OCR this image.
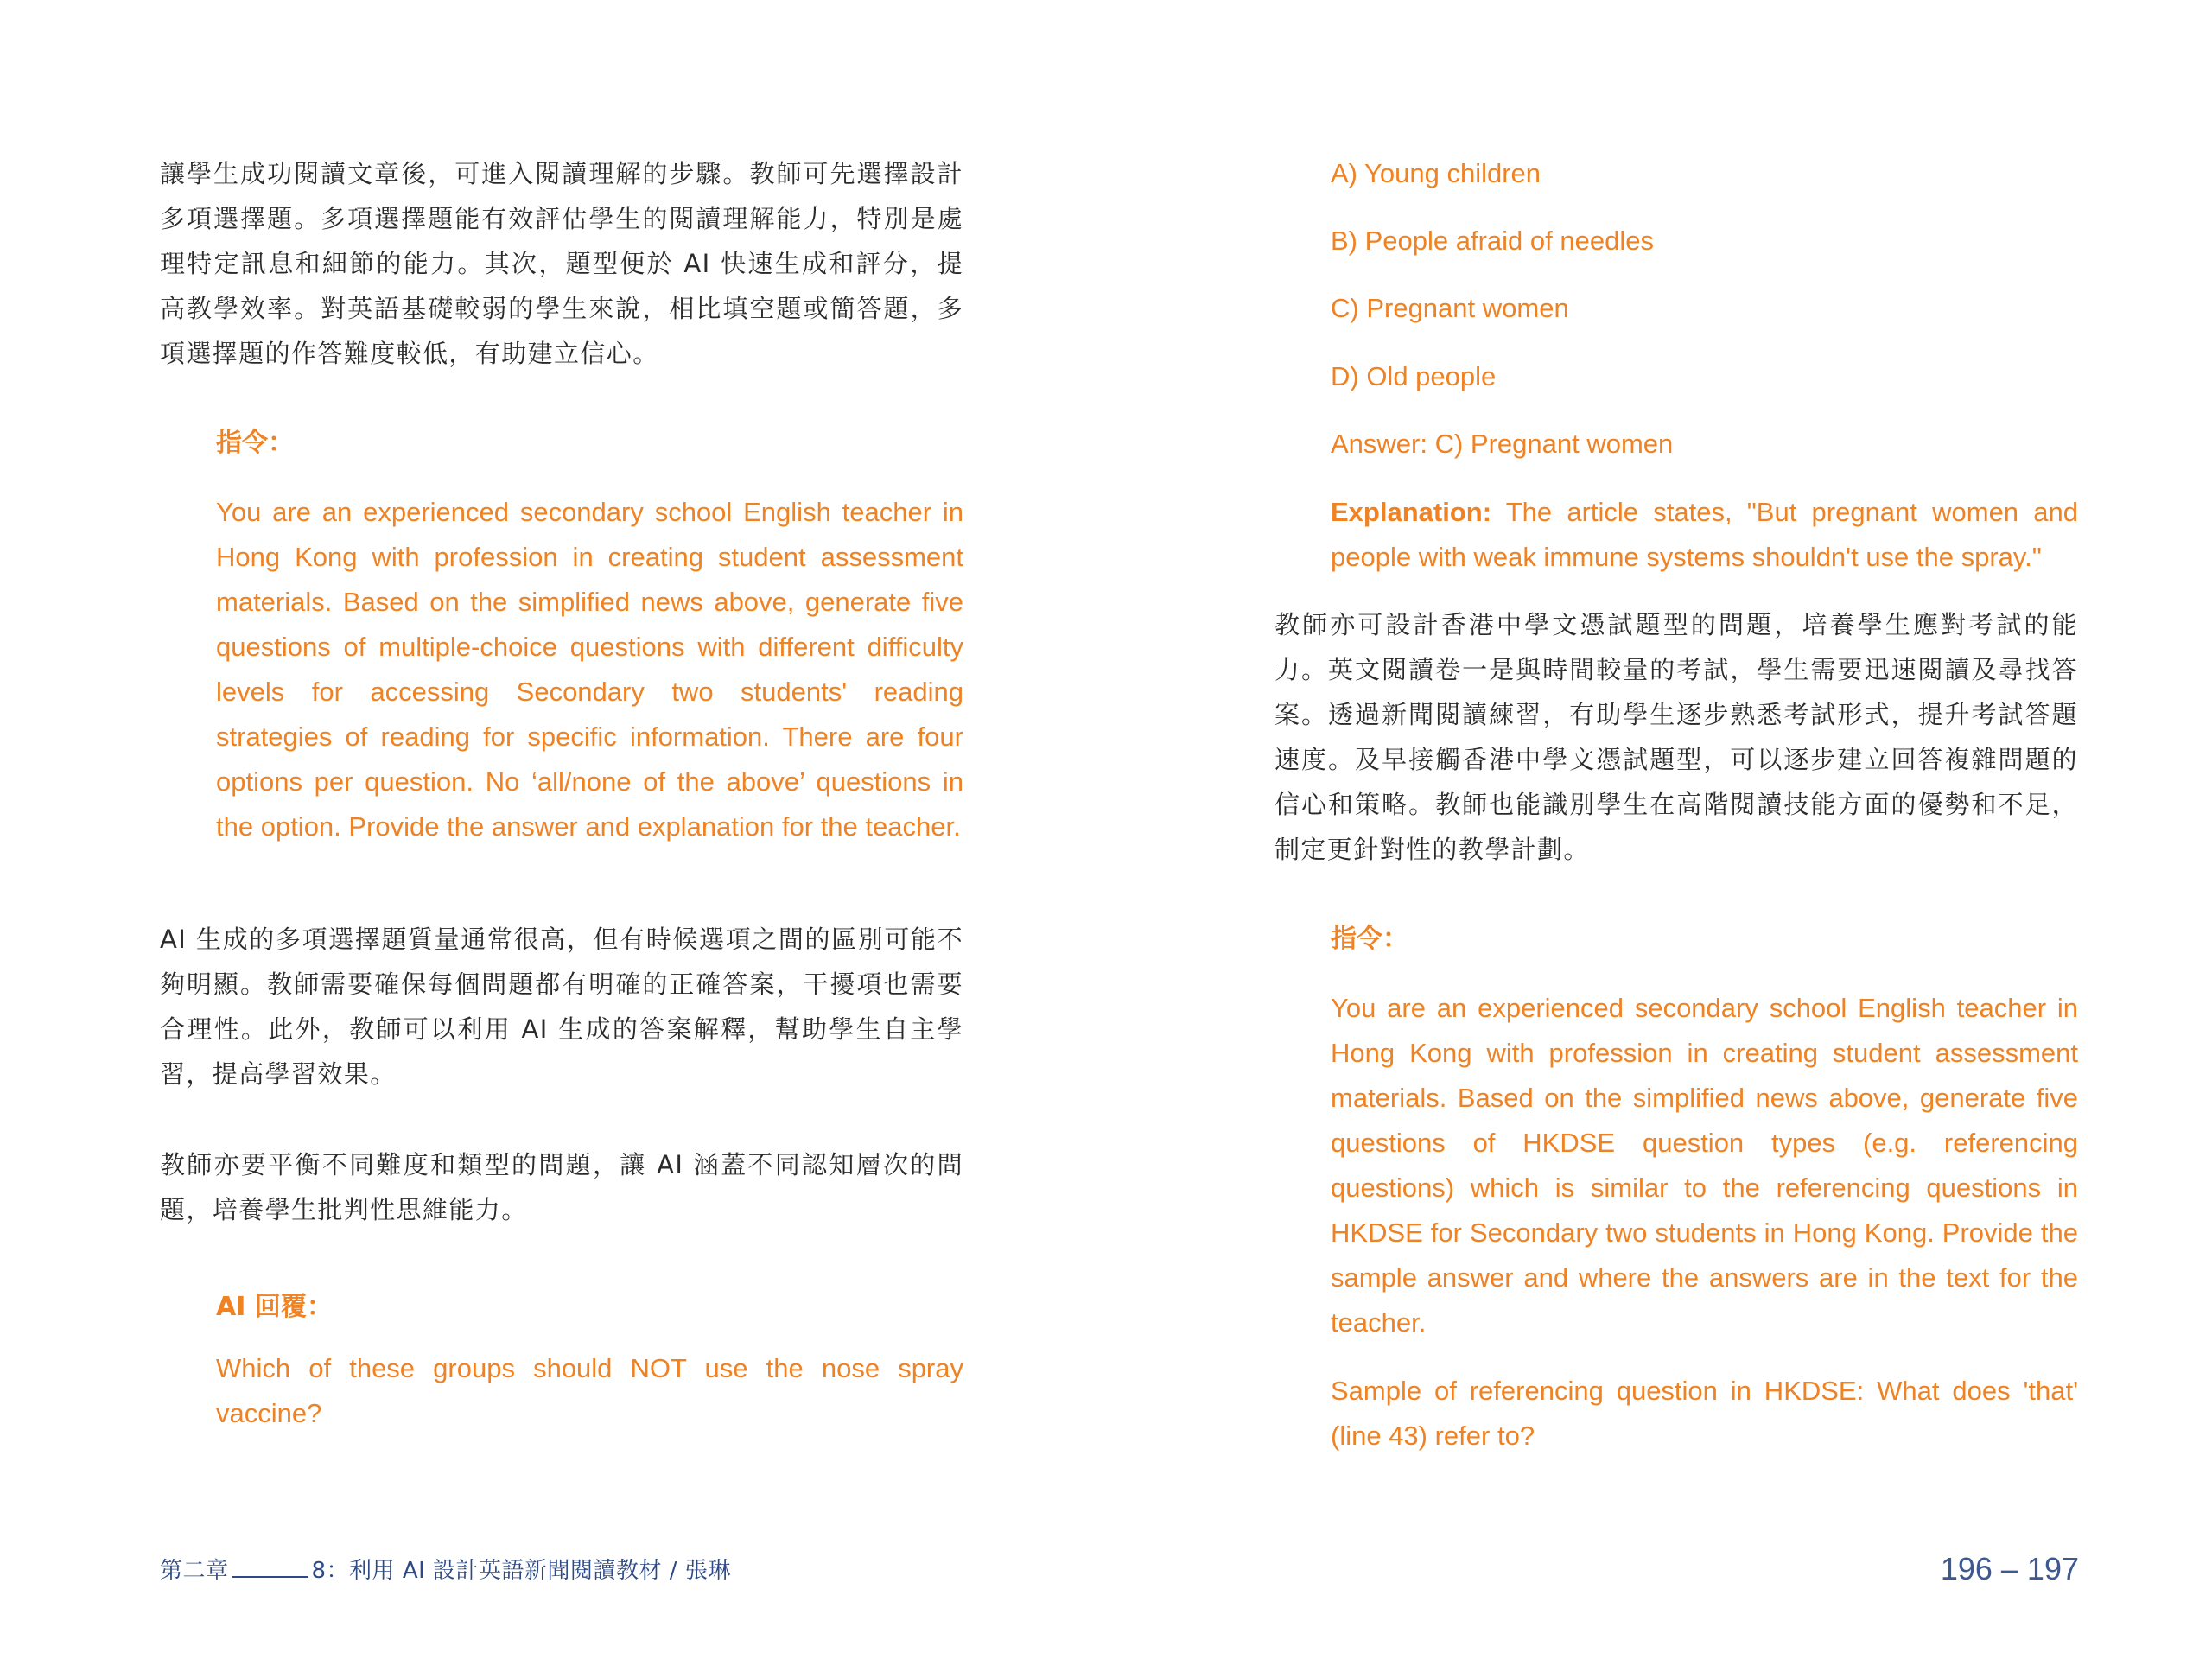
讓學生成功閱讀文章後，可進入閱讀理解的步驟。教師可先選擇設計多項選擇題。多項選擇題能有效評估學生的閱讀理解能力，特別是處理特定訊息和細節的能力。其次，題型便於 AI 快速生成和評分，提高教學效率。對英語基礎較弱的學生來說，相比填空題或簡答題，多項選擇題的作答難度較低，有助建立信心。

指令：

You are an experienced secondary school English teacher in Hong Kong with profession in creating student assessment materials. Based on the simplified news above, generate five questions of multiple-choice questions with different difficulty levels for accessing Secondary two students' reading strategies of reading for specific information. There are four options per question. No ‘all/none of the above’ questions in the option. Provide the answer and explanation for the teacher.

AI 生成的多項選擇題質量通常很高，但有時候選項之間的區別可能不夠明顯。教師需要確保每個問題都有明確的正確答案，干擾項也需要合理性。此外，教師可以利用 AI 生成的答案解釋，幫助學生自主學習，提高學習效果。

教師亦要平衡不同難度和類型的問題，讓 AI 涵蓋不同認知層次的問題，培養學生批判性思維能力。

AI 回覆：

Which of these groups should NOT use the nose spray vaccine?

A) Young children

B) People afraid of needles

C) Pregnant women

D) Old people

Answer: C) Pregnant women

Explanation: The article states, "But pregnant women and people with weak immune systems shouldn't use the spray."

教師亦可設計香港中學文憑試題型的問題，培養學生應對考試的能力。英文閱讀卷一是與時間較量的考試，學生需要迅速閱讀及尋找答案。透過新聞閱讀練習，有助學生逐步熟悉考試形式，提升考試答題速度。及早接觸香港中學文憑試題型，可以逐步建立回答複雜問題的信心和策略。教師也能識別學生在高階閱讀技能方面的優勢和不足，制定更針對性的教學計劃。

指令：

You are an experienced secondary school English teacher in Hong Kong with profession in creating student assessment materials. Based on the simplified news above, generate five questions of HKDSE question types (e.g. referencing questions) which is similar to the referencing questions in HKDSE for Secondary two students in Hong Kong. Provide the sample answer and where the answers are in the text for the teacher.

Sample of referencing question in HKDSE: What does 'that' (line 43) refer to?

第二章	8：利用 AI 設計英語新聞閱讀教材 / 張琳	196 – 197
